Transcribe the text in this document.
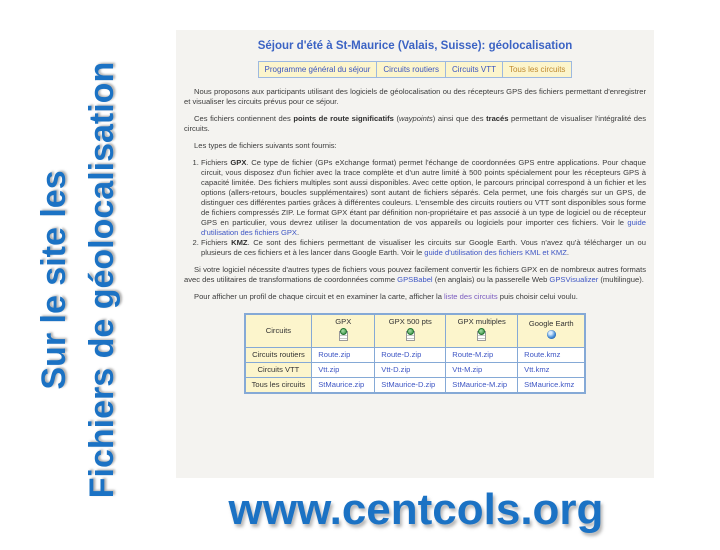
Sur le site les Fichiers de géolocalisation
Séjour d'été à St-Maurice (Valais, Suisse): géolocalisation
Programme général du séjour	Circuits routiers	Circuits VTT	Tous les circuits

Nous proposons aux participants utilisant des logiciels de géolocalisation ou des récepteurs GPS des fichiers permettant d'enregistrer et visualiser les circuits prévus pour ce séjour.

Ces fichiers contiennent des points de route significatifs (waypoints) ainsi que des tracés permettant de visualiser l'intégralité des circuits.

Les types de fichiers suivants sont fournis:

1. Fichiers GPX. Ce type de fichier (GPs eXchange format) permet l'échange de coordonnées GPS entre applications. Pour chaque circuit, vous disposez d'un fichier avec la trace complète et d'un autre limité à 500 points spécialement pour les récepteurs GPS à capacité limitée. Des fichiers multiples sont aussi disponibles. Avec cette option, le parcours principal correspond à un fichier et les options (allers-retours, boucles supplémentaires) sont autant de fichiers séparés. Cela permet, une fois chargés sur un GPS, de distinguer ces différentes parties grâces à différentes couleurs. L'ensemble des circuits routiers ou VTT sont disponibles sous forme de fichiers compressés ZIP. Le format GPX étant par définition non-propriétaire et pas associé à un type de logiciel ou de récepteur GPS en particulier, vous devrez utiliser la documentation de vos appareils ou logiciels pour importer ces fichiers. Voir le guide d'utilisation des fichiers GPX.
2. Fichiers KMZ. Ce sont des fichiers permettant de visualiser les circuits sur Google Earth. Vous n'avez qu'à télécharger un ou plusieurs de ces fichiers et à les lancer dans Google Earth. Voir le guide d'utilisation des fichiers KML et KMZ.

Si votre logiciel nécessite d'autres types de fichiers vous pouvez facilement convertir les fichiers GPX en de nombreux autres formats avec des utilitaires de transformations de coordonnées comme GPSBabel (en anglais) ou la passerelle Web GPSVisualizer (multilingue).

Pour afficher un profil de chaque circuit et en examiner la carte, afficher la liste des circuits puis choisir celui voulu.

Circuits	GPX	GPX 500 pts	GPX multiples	Google Earth

Circuits routiers	Route.zip	Route-D.zip	Route-M.zip	Route.kmz
Circuits VTT	Vtt.zip	Vtt-D.zip	Vtt-M.zip	Vtt.kmz
Tous les circuits	StMaurice.zip	StMaurice-D.zip	StMaurice-M.zip	StMaurice.kmz
www.centcols.org
